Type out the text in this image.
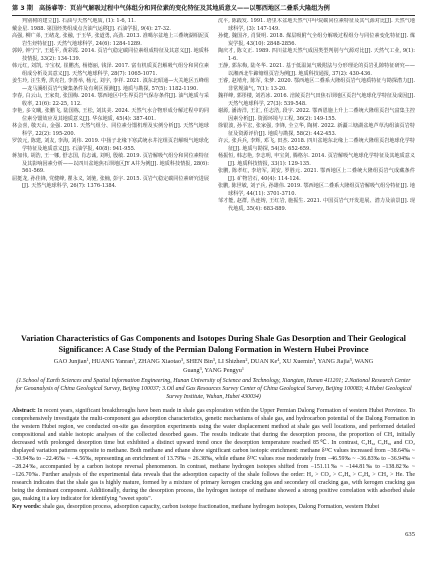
第 3 期 高扬睿等：页岩气解吸过程中气体组分和同位素的变化特征及其地质意义——以鄂西地区二叠系大隆组为例

判别树的建立[J]. 石油与天然气地质, (1): 1-6, 11.

戴金星. 1988. 第国烃类组成点含油气运移[J]. 石油学报, 9(4): 27-32.

高强, 柳广弟, 王绪龙, 张融, 于玉华, 张道勇, 高劲. 2013. 准噶尔盆地上三叠统湖相泥页岩生烃特征[J]. 天然气地球科学, 24(6): 1284-1289.

郭婷, 钟宁宁, 王延平, 黄彩霞. 2014. 页岩气稳定碳同位素组成特征及其意义[J]. 地质科技情报, 33(2): 134-139.

韩元红, 刘凯, 辛宝权, 崔鹏杰, 杨德丽, 钱泽. 2017. 富有机质页岩解吸气组分和同位素组成分析及其意义[J]. 天然气地球科学, 28(7): 1065-1071.

姜生玲, 汪生秀, 洪克岩, 李善举, 杨元, 刘宇, 李祥. 2021. 滇东北昭通—大关地区五峰组—龙马溪组页岩气聚集条件及有利区预测[J]. 地质与勘探, 57(5): 1182-1190.

李春, 白云山, 王家贵, 张国梅. 2014. 鄂西地区中生界页岩气保存条件[J]. 油气地质与采收率, 21(6): 22-25, 112.

李艳, 多文曦, 张鹏飞, 陆国栋, 王松, 刘其美. 2024. 天然气水合物形成分解过程中的同位素分馏效应及其地质意义[J]. 华东地质, 45(4): 387-401.

林会喜, 敬天山, 金强. 2011. 天然气组分、同位素分馏机理及实例分析[J]. 天然气地球科学, 22(2): 195-200.

罗敦元, 陈建, 刘友, 李海, 刘伟. 2019. 中扬子北缘下寒武统水井沱组页岩解吸气地球化学特征及地质意义[J]. 石油学报, 40(8): 941-955.

蒋加伟, 胡浩, 王一娜, 舒志国, 肖志诚, 刘明, 殷敏. 2019. 页岩解吸气组分和同位素特征及其影响因素分析——以四川盆地焦石坝地区JY A井为例[J]. 地质科技情报, 28(6): 561-569.

屈挺龙, 孙佳锋, 党健峰, 瞿永义, 刘驰, 张楠, 彭宇. 2015. 页岩气稳定碳同位素研究进展[J]. 天然气地球科学, 26(7): 1376-1384.

沈平, 陈践发. 1991. 塔里木盆地天然气中甲烷碳同位素特征及其气源对比[J]. 天然气地球科学, (3): 147-149.

孙健, 魏国齐, 肖贤明. 2018. 煤层吸附气全组分解吸过程组分与同位素变化特征[J]. 煤炭学报, 43(10): 2848-2856.

陶庆才, 陈文正. 1989. 四川盆地天然气成因类型判别与气源对比[J]. 天然气工业, 9(1): 1-6.

王静, 郭东梅, 陆冬华. 2021. 基于低温氮气吸附法与分形理论的页岩孔隙特征研究——以湘西北牛蹄塘组页岩为例[J]. 地质科技通报, 37(2): 430-436.

王睿, 赵靖舟, 陈军, 朱梦. 2020. 鄂西地区二叠系大隆组页岩气地质特征与勘探潜力[J]. 非常规油气, 7(1): 13-20.

魏祥峰, 郭彤楼, 刘若冰. 2016. 涪陵页岩气田焦石坝地区页岩气地球化学特征及成因[J]. 天然气地球科学, 27(3): 539-548.

谢源, 潘涛洋, 王汇, 任志浩, 段宇. 2022. 鄂西恩施上升上二叠统大隆组页岩气富集主控因素分析[J]. 资源环境与工程, 36(2): 149-155.

徐银波, 孙平宏, 张家强, 李锋, 全立华, 陶树. 2022. 新疆三塘湖盆地芦草沟组油页岩特征及资源评价[J]. 地质与勘探, 58(2): 442-453.

许云, 张兵兵, 李辉, 邓飞, 田杰. 2018. 四川盆地东北缘上二叠统大隆组页岩地球化学特征[J]. 地质与勘探, 54(3): 652-659.

杨振恒, 韩志艳, 李志明, 申宝剑, 腾格尔. 2014. 页岩解吸气地球化学特征及其地质意义[J]. 地质科技情报, 33(1): 129-135.

张鹏, 陈孝红, 李培军, 刘安, 罗胜元. 2021. 鄂西地区上二叠统大隆组页岩气成藏条件[J]. 矿物岩石, 40(4): 114-124.

张鹏, 陈世敏, 刘子兵, 孙雄伟. 2019. 鄂西地区二叠系大隆组页岩解吸气组分特征[J]. 地球科学, 44(11): 3701-3710.

邹才能, 赵群, 丛连铸, 王红岩, 施振生. 2021. 中国页岩气开发进展、潜力及前景[J]. 现代地质, 35(4): 683-889.

Variation Characteristics of Gas Components and Isotopes During Shale Gas Desorption and Their Geological Significance: A Case Study of the Permian Dalong Formation in Western Hubei Province
GAO Junjian$^1$, HUANG Yanran$^1$, ZHANG Xiaotao$^3$, SHEN Bin$^3$, LI Shizhen$^2$, DUAN Ke$^4$, XU Xuemin$^3$, YANG Jiajia$^3$, WANG Guang$^3$, YANG Pengyu$^1$
(1.School of Earth Sciences and Spatial Information Engineering, Hunan University of Science and Technology, Xiangtan, Hunan 411201; 2.National Research Center for Geoanalysis of China Geological Survey, Beijing 100037; 3.Oil and Gas Resources Survey Center of China Geological Survey, Beijing 100083; 4.Hubei Geological Survey Institute, Wuhan, Hubei 430034)

Abstract: In recent years, significant breakthroughs have been made in shale gas exploration within the Upper Permian Dalong Formation of western Hubei Province. To comprehensively investigate the multi-component gas adsorption characteristics, genetic mechanisms of shale gas, and hydrocarbon potential of the Dalong Formation in the western Hubei region, we conducted on-site gas desorption experiments using the water displacement method at shale gas well locations, and performed detailed compositional and stable isotopic analyses of the collected desorbed gases. The results indicate that during the desorption process, the proportion of CH₄ initially decreased with prolonged desorption time but exhibited a distinct upward trend once the desorption temperature reached 85℃. In contrast, C₂H₆, C₃H₈, and CO₂ displayed variation patterns opposite to methane. Both methane and ethane show significant carbon isotopic enrichment: methane δ¹³C values increased from −38.64‰ ~ −30.94‰ to −22.46‰ ~ −4.56‰, representing an enrichment of 13.79‰ ~ 26.38‰, while ethane δ¹³C values rose moderately from −46.59‰ ~ −36.83‰ to −36.94‰ ~ −28.24‰, accompanied by a carbon isotope reversal phenomenon. In contrast, methane hydrogen isotopes shifted from −151.11‰ ~ −144.81‰ to −138.82‰ ~ −126.70‰. Further analysis of the experimental data reveals that the adsorption capacity of the shale follows the order: H₂ > CO₂ > C₃H₈ > C₂H₆ > CH₄ > He. The research indicates that the shale gas is highly mature, formed by a mixture of primary kerogen cracking gas and secondary oil cracking gas, with kerogen cracking gas being the dominant component. Additionally, during the desorption process, the hydrogen isotope of methane showed a strong positive correlation with adsorbed shale gas, making it a key indicator for identifying "sweet spots".

Key words: shale gas, desorption process, adsorption capacity, carbon isotope fractionation, methane hydrogen isotopes, Dalong Formation, western Hubei

635
